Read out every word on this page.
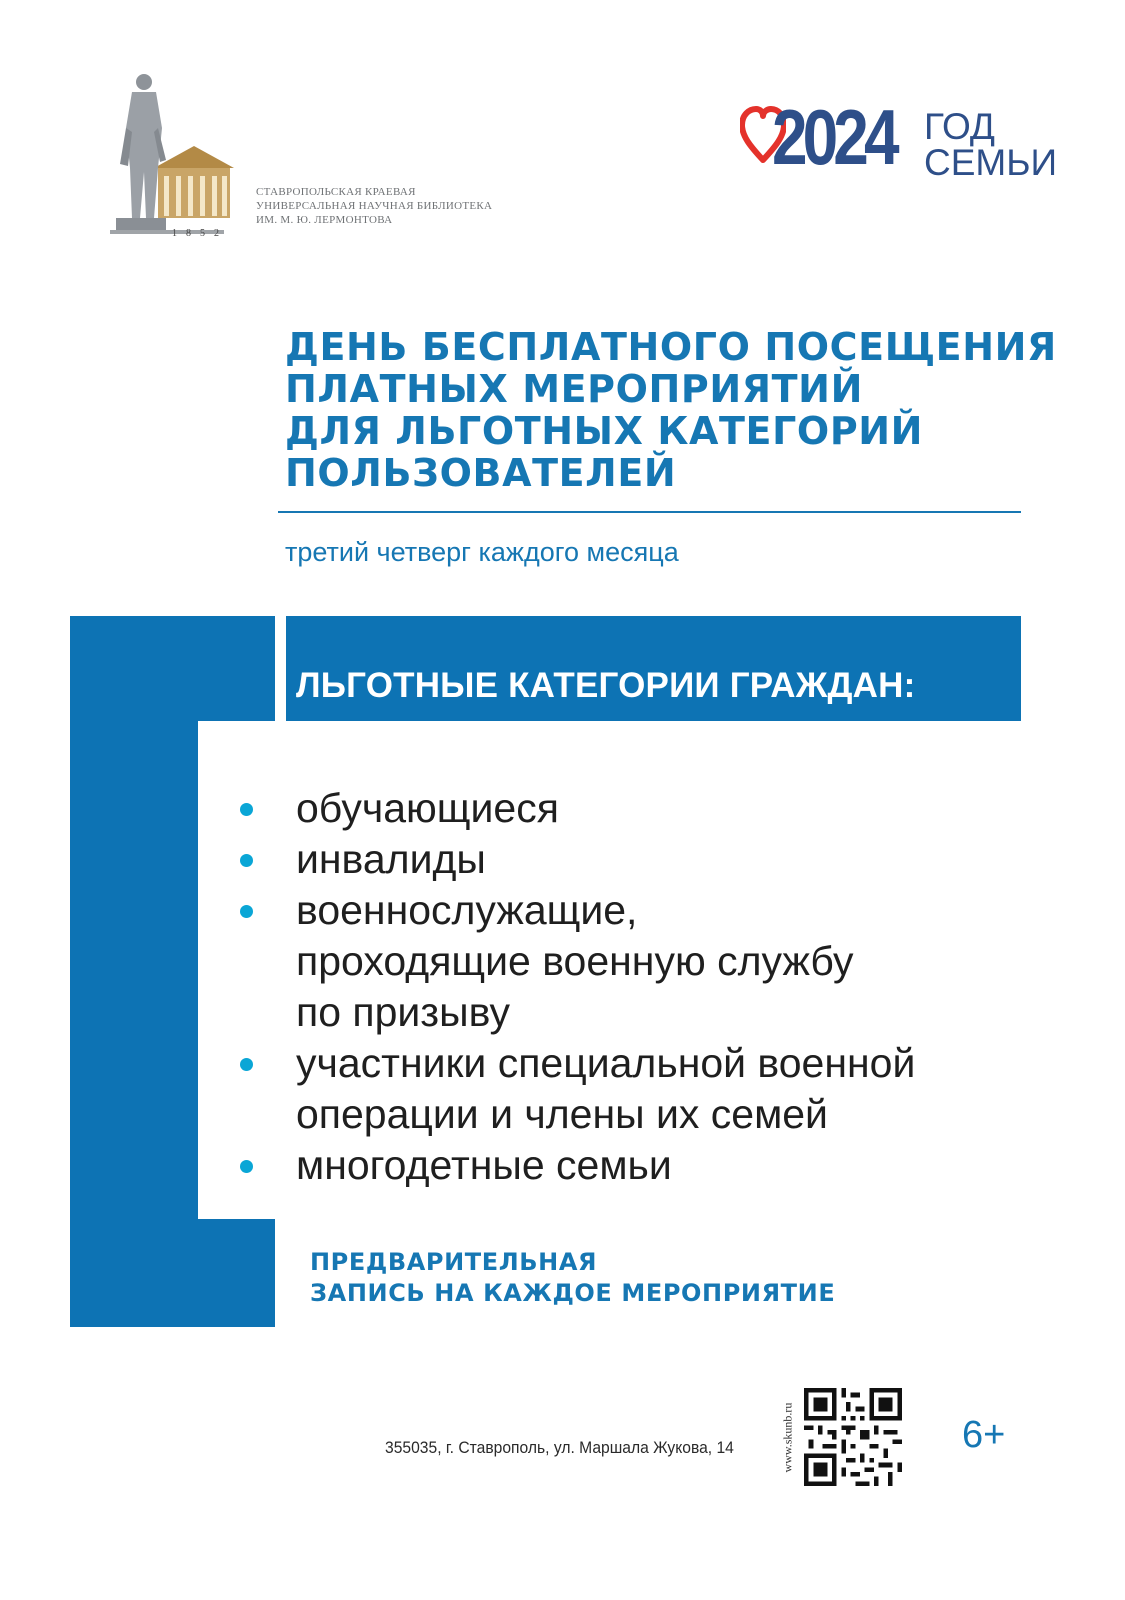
1852
СТАВРОПОЛЬСКАЯ КРАЕВАЯ
УНИВЕРСАЛЬНАЯ НАУЧНАЯ БИБЛИОТЕКА
ИМ. М. Ю. ЛЕРМОНТОВА
2024 ГОД
СЕМЬИ
ДЕНЬ БЕСПЛАТНОГО ПОСЕЩЕНИЯ
ПЛАТНЫХ МЕРОПРИЯТИЙ
ДЛЯ ЛЬГОТНЫХ КАТЕГОРИЙ
ПОЛЬЗОВАТЕЛЕЙ
третий четверг каждого месяца
ЛЬГОТНЫЕ КАТЕГОРИИ ГРАЖДАН:
обучающиеся
инвалиды
военнослужащие,
проходящие военную службу
по призыву
участники специальной военной
операции и члены их семей
многодетные семьи
ПРЕДВАРИТЕЛЬНАЯ
ЗАПИСЬ НА КАЖДОЕ МЕРОПРИЯТИЕ
355035, г. Ставрополь, ул. Маршала Жукова, 14	www.skunb.ru	6+
